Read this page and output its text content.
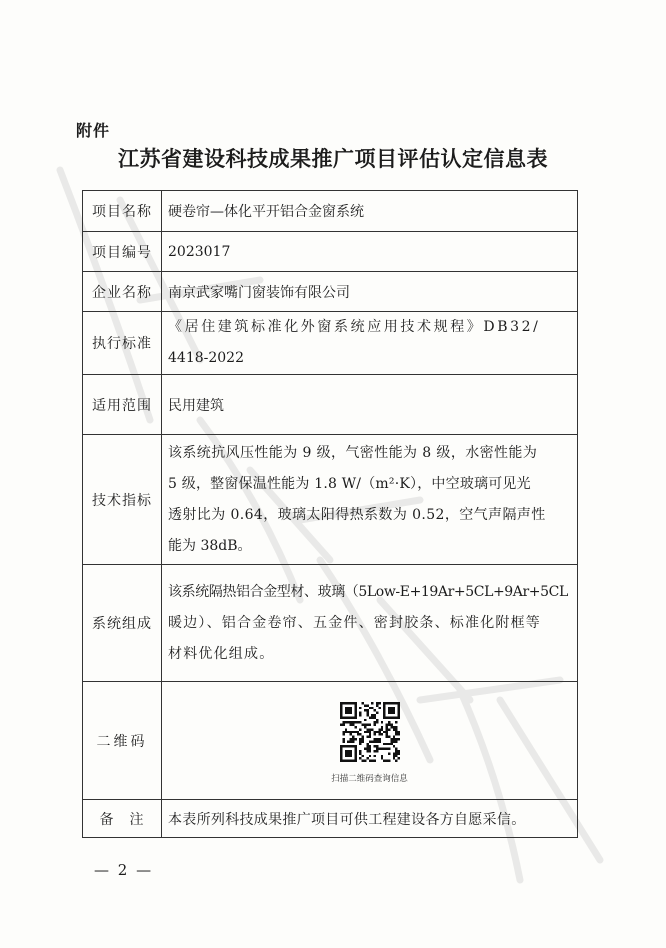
附件
江苏省建设科技成果推广项目评估认定信息表
项目名称	硬卷帘—体化平开铝合金窗系统
项目编号	2023017
企业名称	南京武家嘴门窗装饰有限公司
执行标准	《居住建筑标准化外窗系统应用技术规程》DB32/
4418-2022

适用范围	民用建筑
技术指标	该系统抗风压性能为 9 级，气密性能为 8 级，水密性能为
5 级，整窗保温性能为 1.8 W/（m²·K），中空玻璃可见光
透射比为 0.64，玻璃太阳得热系数为 0.52，空气声隔声性
能为 38dB。

系统组成	该系统隔热铝合金型材、玻璃（5Low-E+19Ar+5CL+9Ar+5CL
暖边）、铝合金卷帘、五金件、密封胶条、标准化附框等
材料优化组成。

二维码	扫描二维码查询信息

备　注	本表所列科技成果推广项目可供工程建设各方自愿采信。
— 2 —
